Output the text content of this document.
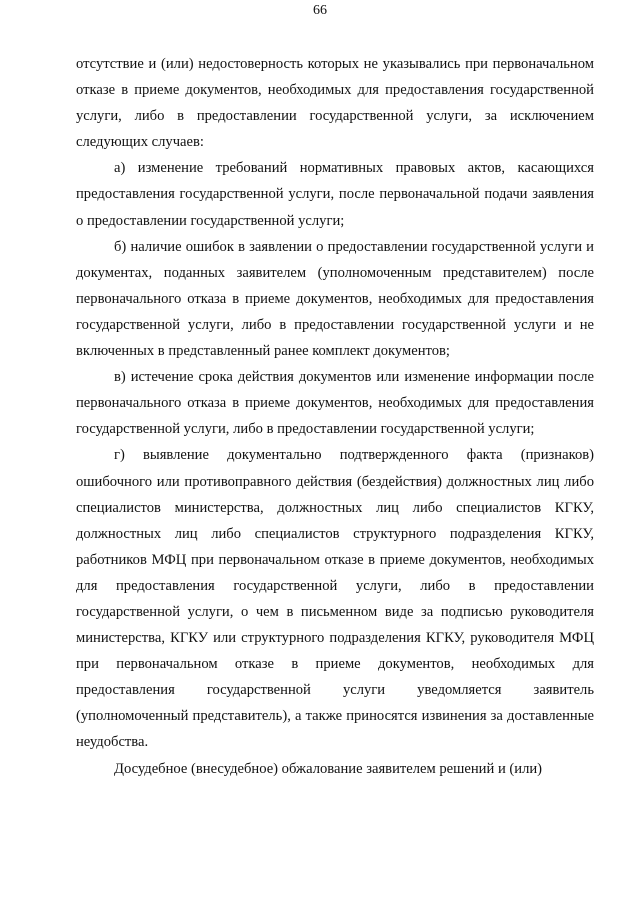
66

отсутствие и (или) недостоверность которых не указывались при первоначальном отказе в приеме документов, необходимых для предоставления государственной услуги, либо в предоставлении государственной услуги, за исключением следующих случаев:

а) изменение требований нормативных правовых актов, касающихся предоставления государственной услуги, после первоначальной подачи заявления о предоставлении государственной услуги;

б) наличие ошибок в заявлении о предоставлении государственной услуги и документах, поданных заявителем (уполномоченным представителем) после первоначального отказа в приеме документов, необходимых для предоставления государственной услуги, либо в предоставлении государственной услуги и не включенных в представленный ранее комплект документов;

в) истечение срока действия документов или изменение информации после первоначального отказа в приеме документов, необходимых для предоставления государственной услуги, либо в предоставлении государственной услуги;

г) выявление документально подтвержденного факта (признаков) ошибочного или противоправного действия (бездействия) должностных лиц либо специалистов министерства, должностных лиц либо специалистов КГКУ, должностных лиц либо специалистов структурного подразделения КГКУ, работников МФЦ при первоначальном отказе в приеме документов, необходимых для предоставления государственной услуги, либо в предоставлении государственной услуги, о чем в письменном виде за подписью руководителя министерства, КГКУ или структурного подразделения КГКУ, руководителя МФЦ при первоначальном отказе в приеме документов, необходимых для предоставления государственной услуги уведомляется заявитель (уполномоченный представитель), а также приносятся извинения за доставленные неудобства.

Досудебное (внесудебное) обжалование заявителем решений и (или)
